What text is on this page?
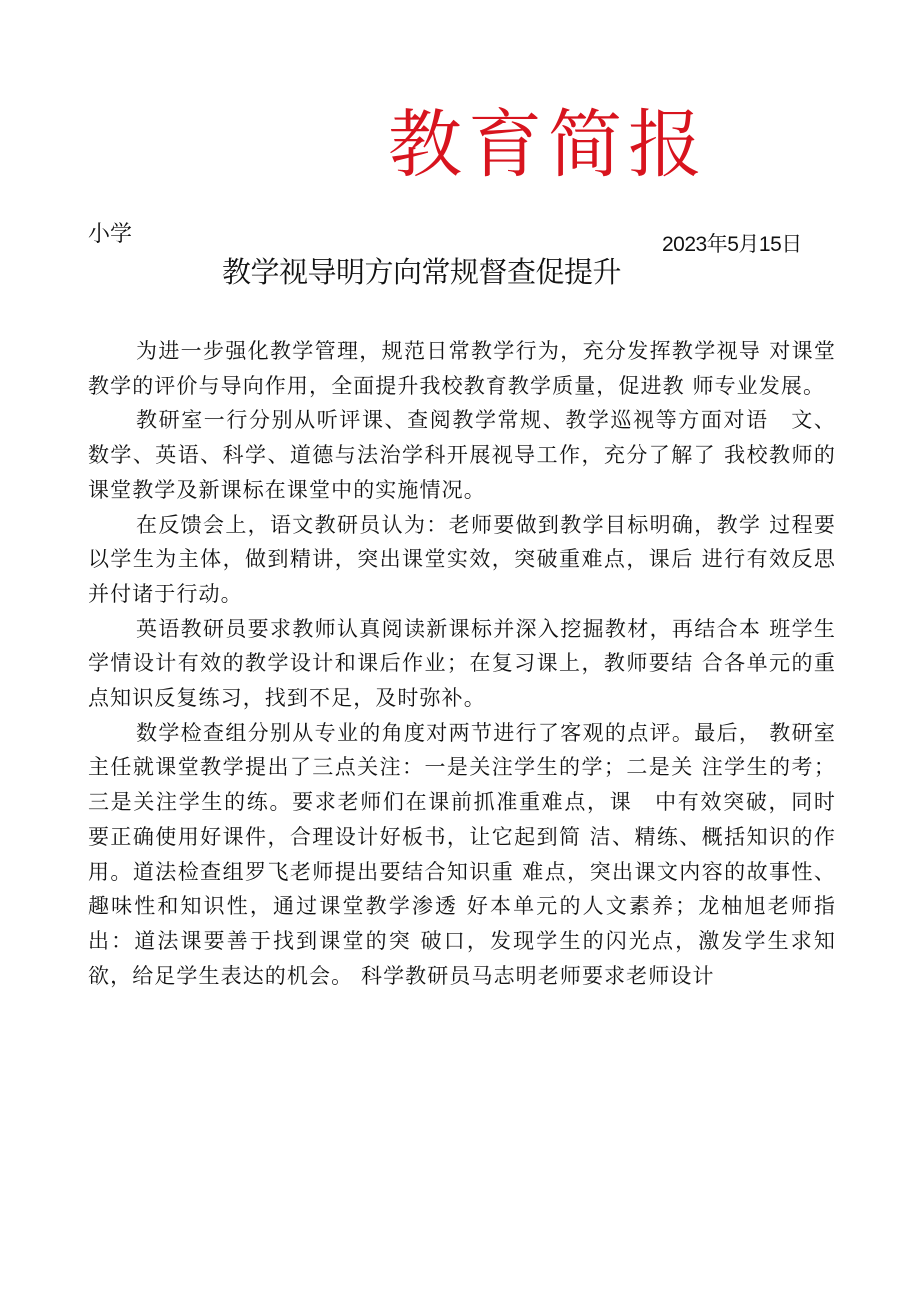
教育简报
小学	2023年5月15日
教学视导明方向常规督查促提升

为进一步强化教学管理，规范日常教学行为，充分发挥教学视导 对课堂教学的评价与导向作用，全面提升我校教育教学质量，促进教 师专业发展。

教研室一行分别从听评课、查阅教学常规、教学巡视等方面对语　文、数学、英语、科学、道德与法治学科开展视导工作，充分了解了 我校教师的课堂教学及新课标在课堂中的实施情况。

在反馈会上，语文教研员认为：老师要做到教学目标明确，教学 过程要以学生为主体，做到精讲，突出课堂实效，突破重难点，课后 进行有效反思并付诸于行动。

英语教研员要求教师认真阅读新课标并深入挖掘教材，再结合本 班学生学情设计有效的教学设计和课后作业；在复习课上，教师要结 合各单元的重点知识反复练习，找到不足，及时弥补。

数学检查组分别从专业的角度对两节进行了客观的点评。最后， 教研室主任就课堂教学提出了三点关注：一是关注学生的学；二是关 注学生的考；三是关注学生的练。要求老师们在课前抓准重难点，课　中有效突破，同时要正确使用好课件，合理设计好板书，让它起到简 洁、精练、概括知识的作用。道法检查组罗飞老师提出要结合知识重 难点，突出课文内容的故事性、趣味性和知识性，通过课堂教学渗透 好本单元的人文素养；龙柚旭老师指出：道法课要善于找到课堂的突 破口，发现学生的闪光点，激发学生求知欲，给足学生表达的机会。 科学教研员马志明老师要求老师设计
